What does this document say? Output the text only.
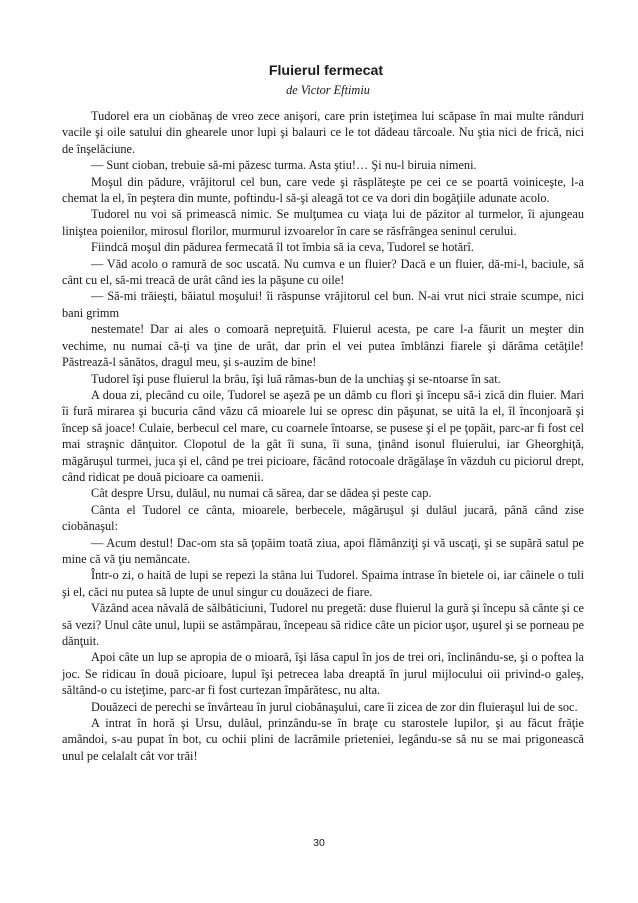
Fluierul fermecat
de Victor Eftimiu

Tudorel era un ciobănaş de vreo zece anişori, care prin isteţimea lui scăpase în mai multe rânduri vacile şi oile satului din ghearele unor lupi şi balauri ce le tot dădeau târcoale. Nu ştia nici de frică, nici de înşelăciune.

— Sunt cioban, trebuie să-mi păzesc turma. Asta ştiu!… Şi nu-l biruia nimeni.

Moşul din pădure, vrăjitorul cel bun, care vede şi răsplăteşte pe cei ce se poartă voiniceşte, l-a chemat la el, în peştera din munte, poftindu-l să-şi aleagă tot ce va dori din bogăţiile adunate acolo.

Tudorel nu voi să primească nimic. Se mulţumea cu viaţa lui de păzitor al turmelor, îi ajungeau liniştea poienilor, mirosul florilor, murmurul izvoarelor în care se răsfrângea seninul cerului.

Fiindcă moşul din pădurea fermecată îl tot îmbia să ia ceva, Tudorel se hotărî.

— Văd acolo o ramură de soc uscată. Nu cumva e un fluier? Dacă e un fluier, dă-mi-l, baciule, să cânt cu el, să-mi treacă de urât când ies la păşune cu oile!

— Să-mi trăieşti, băiatul moşului! îi răspunse vrăjitorul cel bun. N-ai vrut nici straie scumpe, nici bani grimm

nestemate! Dar ai ales o comoară nepreţuită. Fluierul acesta, pe care l-a făurit un meşter din vechime, nu numai că-ţi va ţine de urât, dar prin el vei putea îmblânzi fiarele şi dărâma cetăţile! Păstrează-l sănătos, dragul meu, şi s-auzim de bine!

Tudorel îşi puse fluierul la brâu, îşi luă rămas-bun de la unchiaş şi se-ntoarse în sat.

A doua zi, plecând cu oile, Tudorel se aşeză pe un dâmb cu flori şi începu să-i zică din fluier. Mari îi fură mirarea şi bucuria când văzu că mioarele lui se opresc din păşunat, se uită la el, îl înconjoară şi încep să joace! Culaie, berbecul cel mare, cu coarnele întoarse, se pusese şi el pe ţopăit, parc-ar fi fost cel mai straşnic dănţuitor. Clopotul de la gât îi suna, îi suna, ţinând isonul fluierului, iar Gheorghiţă, măgăruşul turmei, juca şi el, când pe trei picioare, făcând rotocoale drăgălaşe în văzduh cu piciorul drept, când ridicat pe două picioare ca oamenii.

Cât despre Ursu, dulăul, nu numai că sărea, dar se dădea şi peste cap.

Cânta el Tudorel ce cânta, mioarele, berbecele, măgăruşul şi dulăul jucară, până când zise ciobănaşul:

— Acum destul! Dac-om sta să ţopăim toată ziua, apoi flămânziţi şi vă uscaţi, şi se supără satul pe mine că vă ţiu nemâncate.

Într-o zi, o haită de lupi se repezi la stâna lui Tudorel. Spaima intrase în bietele oi, iar câinele o tuli şi el, căci nu putea să lupte de unul singur cu douăzeci de fiare.

Văzând acea năvală de sălbăticiuni, Tudorel nu pregetă: duse fluierul la gură şi începu să cânte şi ce să vezi? Unul câte unul, lupii se astâmpărau, începeau să ridice câte un picior uşor, uşurel şi se porneau pe dănţuit.

Apoi câte un lup se apropia de o mioară, îşi lăsa capul în jos de trei ori, înclinându-se, şi o poftea la joc. Se ridicau în două picioare, lupul îşi petrecea laba dreaptă în jurul mijlocului oii privind-o galeş, săltând-o cu isteţime, parc-ar fi fost curtezan împărătesc, nu alta.

Douăzeci de perechi se învârteau în jurul ciobănaşului, care îi zicea de zor din fluieraşul lui de soc.

A intrat în horă şi Ursu, dulăul, prinzându-se în braţe cu starostele lupilor, şi au făcut frăţie amândoi, s-au pupat în bot, cu ochii plini de lacrămile prieteniei, legându-se să nu se mai prigonească unul pe celalalt cât vor trăi!

30
